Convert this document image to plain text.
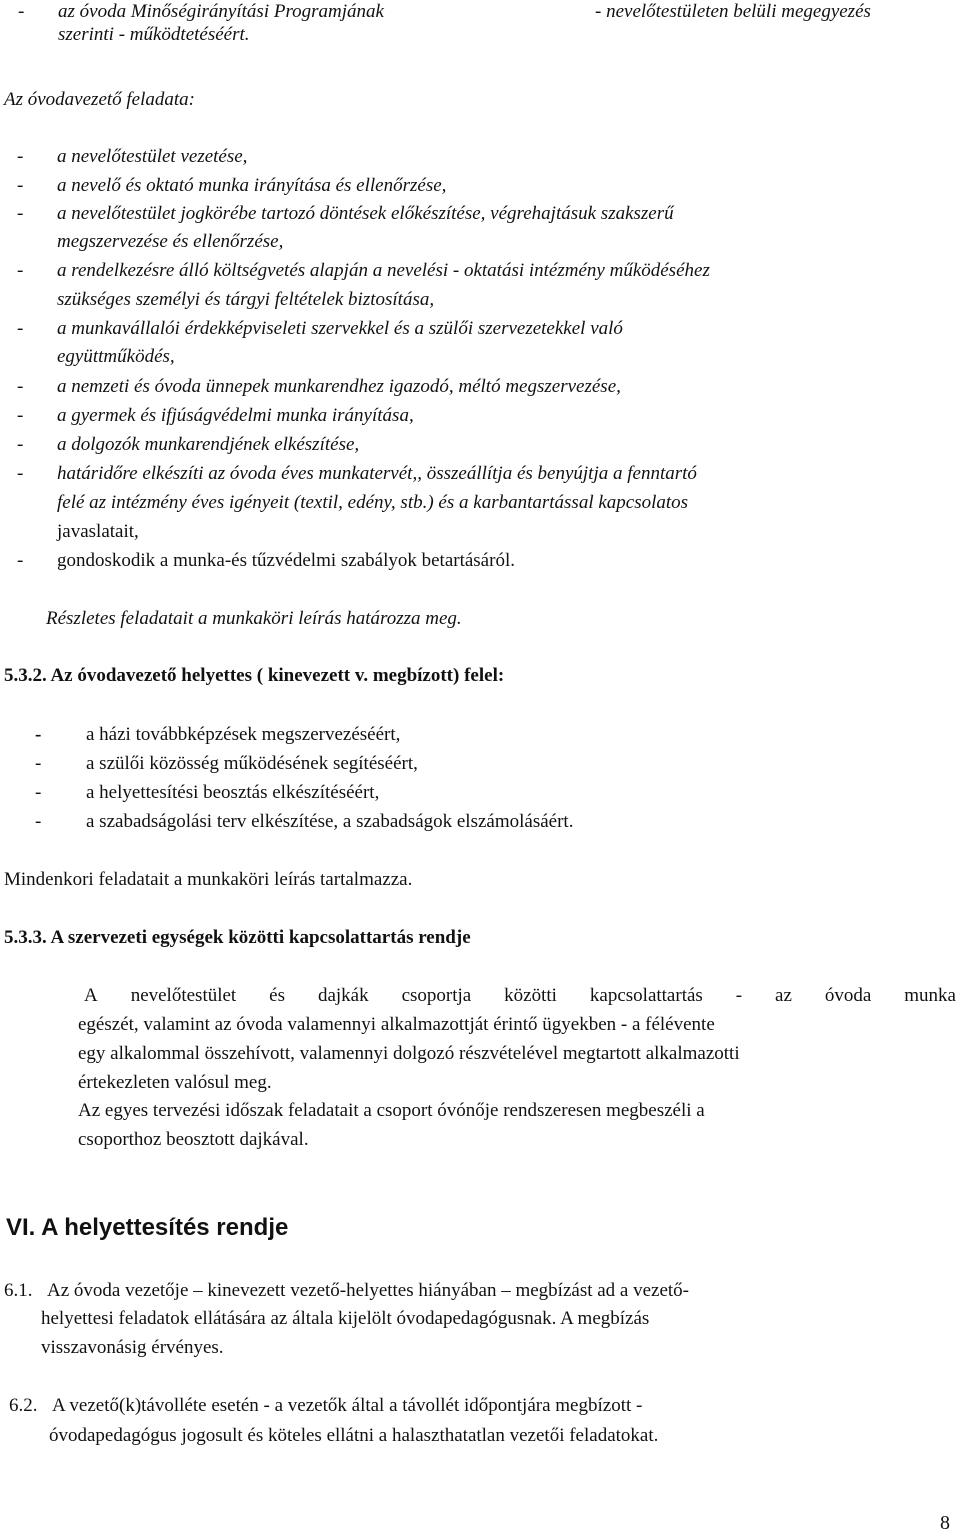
- az óvoda Minőségirányítási Programjának	- nevelőtestületen belüli megegyezés
szerinti - működtetéséért.
Az óvodavezető feladata:
- a nevelőtestület vezetése,
- a nevelő és oktató munka irányítása és ellenőrzése,
- a nevelőtestület jogkörébe tartozó döntések előkészítése, végrehajtásuk szakszerű
megszervezése és ellenőrzése,
- a rendelkezésre álló költségvetés alapján a nevelési - oktatási intézmény működéséhez
szükséges személyi és tárgyi feltételek biztosítása,
- a munkavállalói érdekképviseleti szervekkel és a szülői szervezetekkel való
együttműködés,
- a nemzeti és óvoda ünnepek munkarendhez igazodó, méltó megszervezése,
- a gyermek és ifjúságvédelmi munka irányítása,
- a dolgozók munkarendjének elkészítése,
- határidőre elkészíti az óvoda éves munkatervét,, összeállítja és benyújtja a fenntartó
felé az intézmény éves igényeit (textil, edény, stb.) és a karbantartással kapcsolatos
javaslatait,
- gondoskodik a munka-és tűzvédelmi szabályok betartásáról.
Részletes feladatait a munkaköri leírás határozza meg.
5.3.2. Az óvodavezető helyettes ( kinevezett v. megbízott) felel:
- a házi továbbképzések megszervezéséért,
- a szülői közösség működésének segítéséért,
- a helyettesítési beosztás elkészítéséért,
- a szabadságolási terv elkészítése, a szabadságok elszámolásáért.
Mindenkori feladatait a munkaköri leírás tartalmazza.
5.3.3. A szervezeti egységek közötti kapcsolattartás rendje
A nevelőtestület és dajkák csoportja közötti kapcsolattartás - az óvoda munka
egészét, valamint az óvoda valamennyi alkalmazottját érintő ügyekben - a félévente
egy alkalommal összehívott, valamennyi dolgozó részvételével megtartott alkalmazotti
értekezleten valósul meg.
Az egyes tervezési időszak feladatait a csoport óvónője rendszeresen megbeszéli a
csoporthoz beosztott dajkával.
VI. A helyettesítés rendje
6.1. Az óvoda vezetője – kinevezett vezető-helyettes hiányában – megbízást ad a vezető-
helyettesi feladatok ellátására az általa kijelölt óvodapedagógusnak. A megbízás
visszavonásig érvényes.
6.2. A vezető(k)távolléte esetén - a vezetők által a távollét időpontjára megbízott -
óvodapedagógus jogosult és köteles ellátni a halaszthatatlan vezetői feladatokat.
8
